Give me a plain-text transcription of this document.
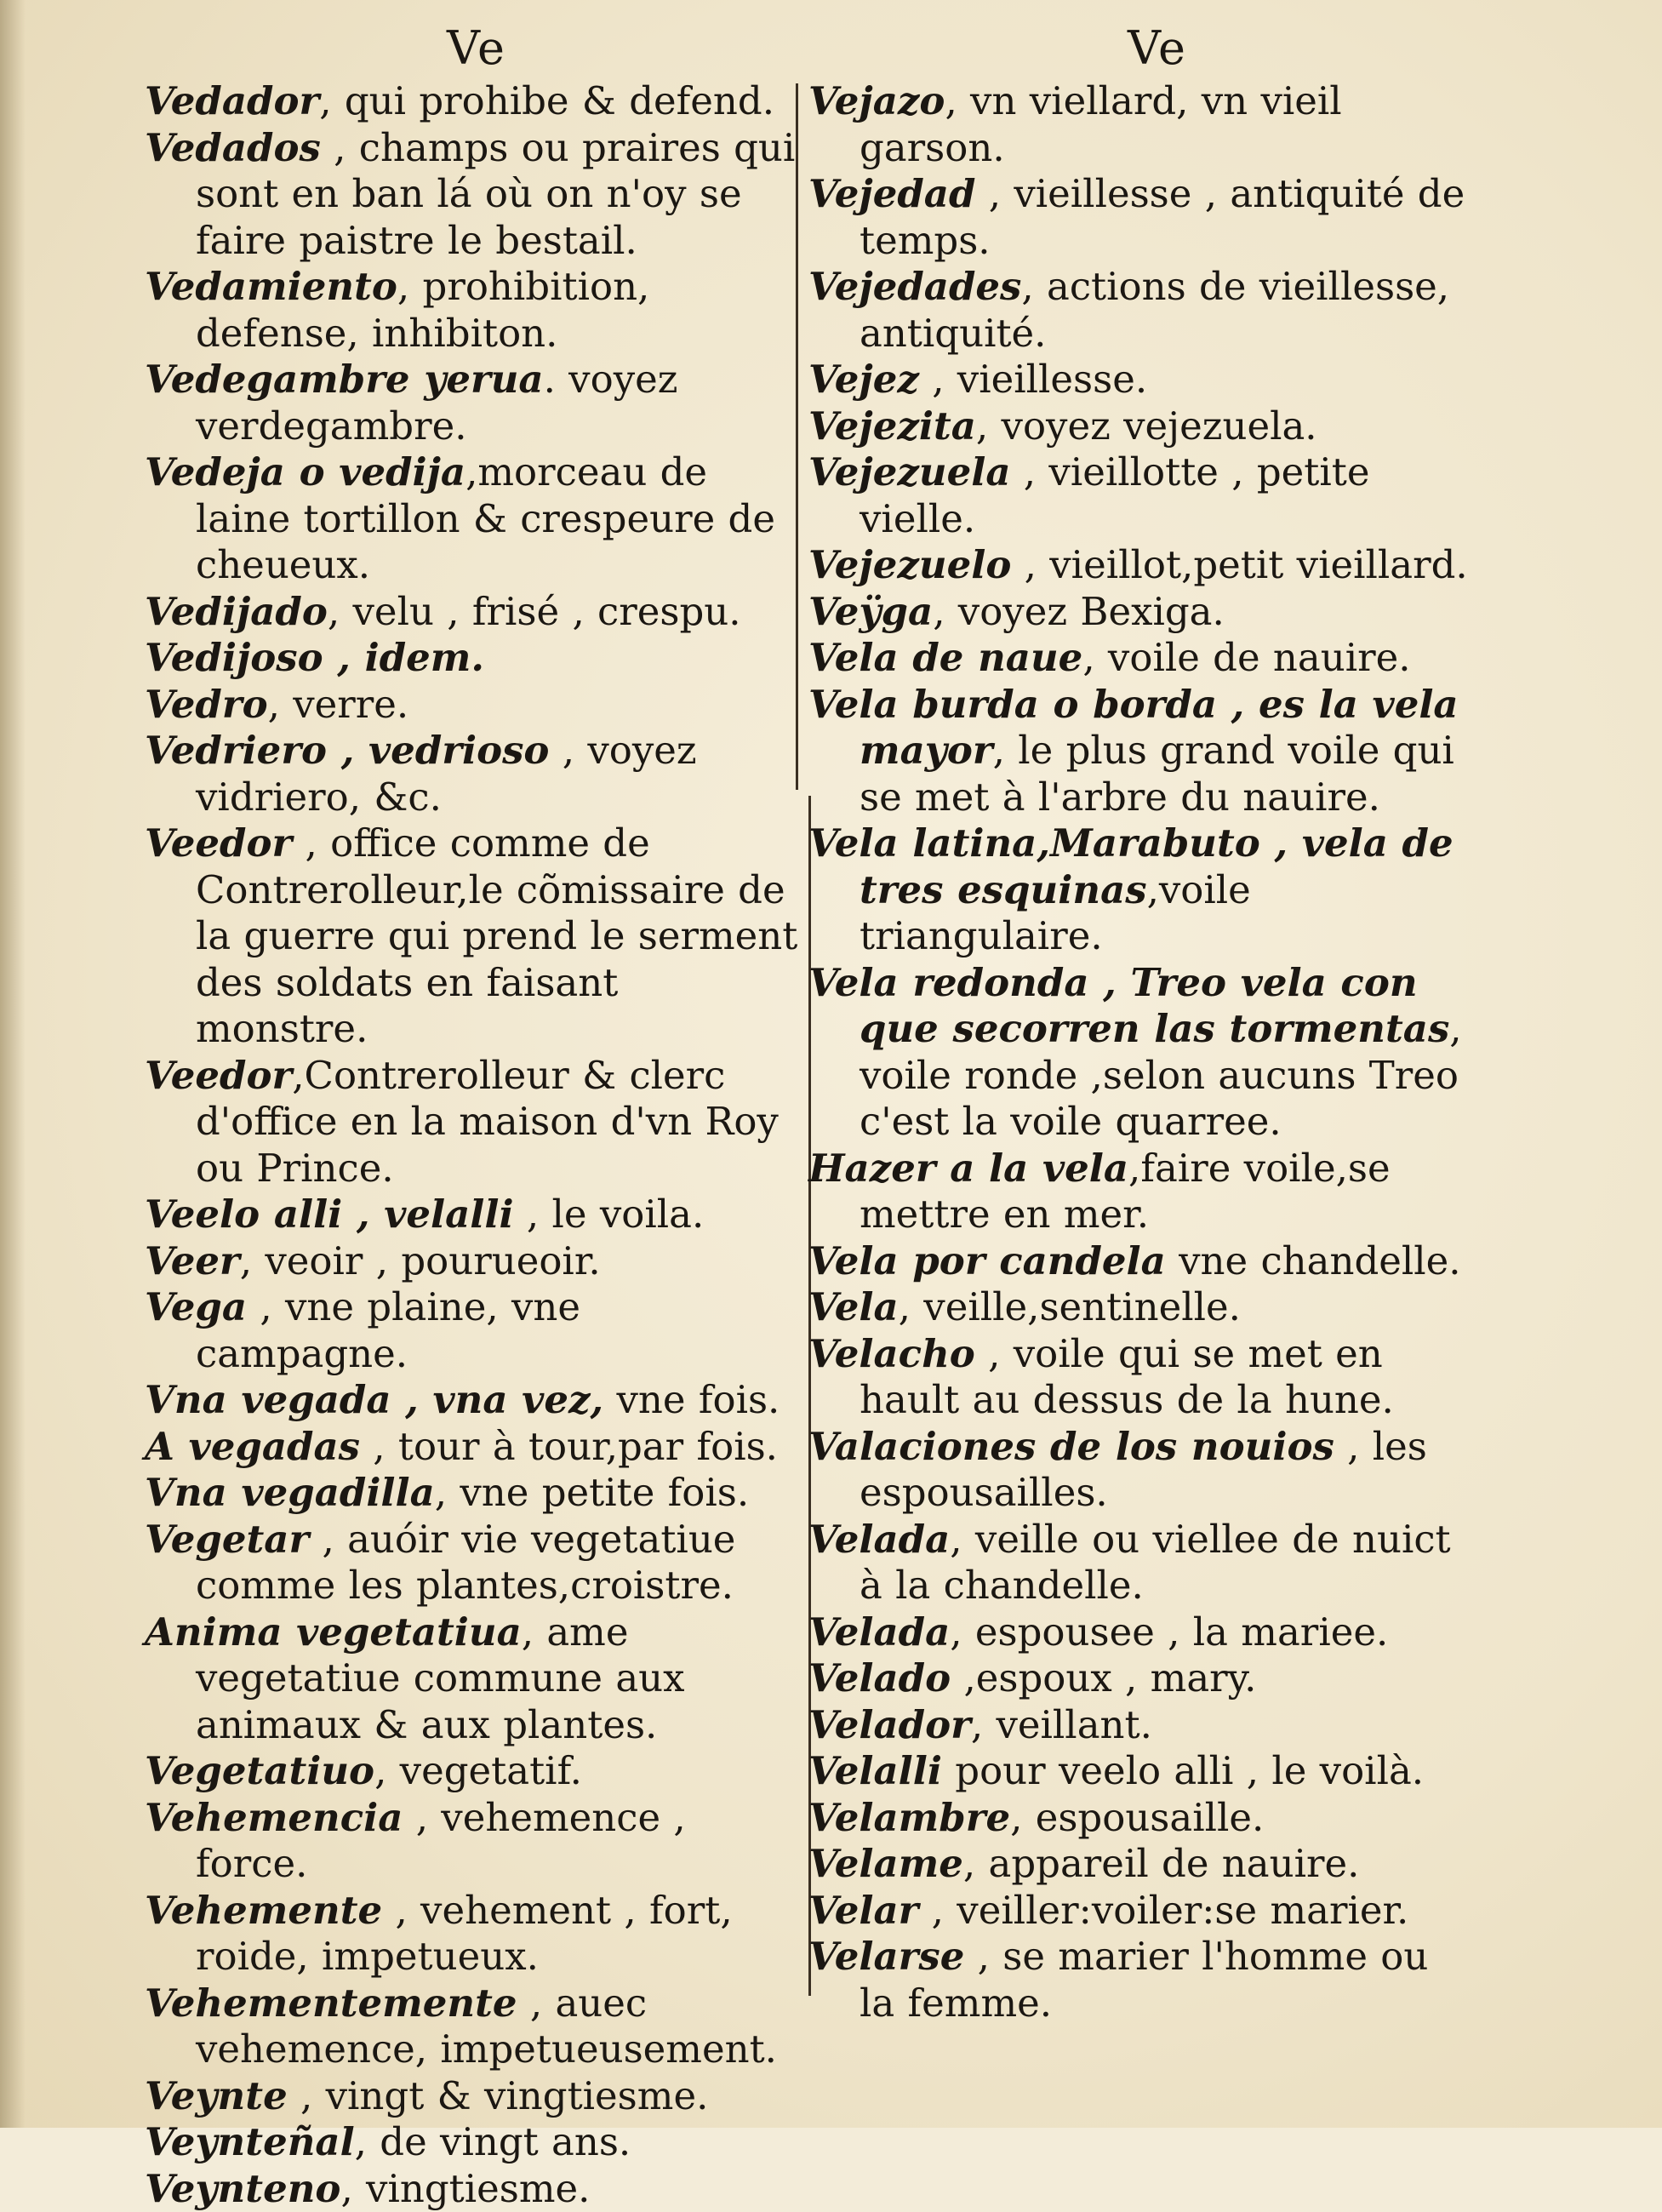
Ve	Ve
Vedador, qui prohibe & defend.
Vedados , champs ou praires qui sont en ban lá où on n'oy se faire paistre le bestail.
Vedamiento, prohibition, defense, inhibiton.
Vedegambre yerua. voyez verdegambre.
Vedeja o vedija,morceau de laine tortillon & crespeure de cheueux.
Vedijado, velu , frisé , crespu.
Vedijoso , idem.
Vedro, verre.
Vedriero , vedrioso , voyez vidriero, &c.
Veedor , office comme de Contrerolleur,le cõmissaire de la guerre qui prend le serment des soldats en faisant monstre.
Veedor,Contrerolleur & clerc d'office en la maison d'vn Roy ou Prince.
Veelo alli , velalli , le voila.
Veer, veoir , pourueoir.
Vega , vne plaine, vne campagne.
Vna vegada , vna vez, vne fois.
A vegadas , tour à tour,par fois.
Vna vegadilla, vne petite fois.
Vegetar , auóir vie vegetatiue comme les plantes,croistre.
Anima vegetatiua, ame vegetatiue commune aux animaux & aux plantes.
Vegetatiuo, vegetatif.
Vehemencia , vehemence , force.
Vehemente , vehement , fort, roide, impetueux.
Vehementemente , auec vehemence, impetueusement.
Veynte , vingt & vingtiesme.
Veynteñal, de vingt ans.
Veynteno, vingtiesme.
Vejazo, vn viellard, vn vieil garson.
Vejedad , vieillesse , antiquité de temps.
Vejedades, actions de vieillesse, antiquité.
Vejez , vieillesse.
Vejezita, voyez vejezuela.
Vejezuela , vieillotte , petite vielle.
Vejezuelo , vieillot,petit vieillard.
Veÿga, voyez Bexiga.
Vela de naue, voile de nauire.
Vela burda o borda , es la vela mayor, le plus grand voile qui se met à l'arbre du nauire.
Vela latina,Marabuto , vela de tres esquinas,voile triangulaire.
Vela redonda , Treo vela con que secorren las tormentas, voile ronde ,selon aucuns Treo c'est la voile quarree.
Hazer a la vela,faire voile,se mettre en mer.
Vela por candela vne chandelle.
Vela, veille,sentinelle.
Velacho , voile qui se met en hault au dessus de la hune.
Valaciones de los nouios , les espousailles.
Velada, veille ou viellee de nuict à la chandelle.
Velada, espousee , la mariee.
Velado ,espoux , mary.
Velador, veillant.
Velalli pour veelo alli , le voilà.
Velambre, espousaille.
Velame, appareil de nauire.
Velar , veiller:voiler:se marier.
Velarse , se marier l'homme ou la femme.
